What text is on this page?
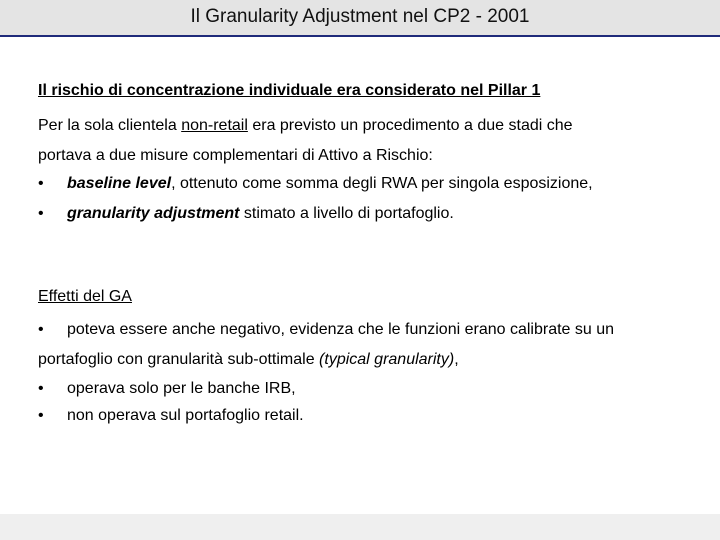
Il Granularity Adjustment nel CP2 - 2001
Il rischio di concentrazione individuale era considerato nel Pillar 1
Per la sola clientela non-retail era previsto un procedimento a due stadi che
portava a due misure complementari di Attivo a Rischio:
• baseline level, ottenuto come somma degli RWA per singola esposizione,
• granularity adjustment stimato a livello di portafoglio.
Effetti del GA
• poteva essere anche negativo, evidenza che le funzioni erano calibrate su un
portafoglio con granularità sub-ottimale (typical granularity),
• operava solo per le banche IRB,
• non operava sul portafoglio retail.
